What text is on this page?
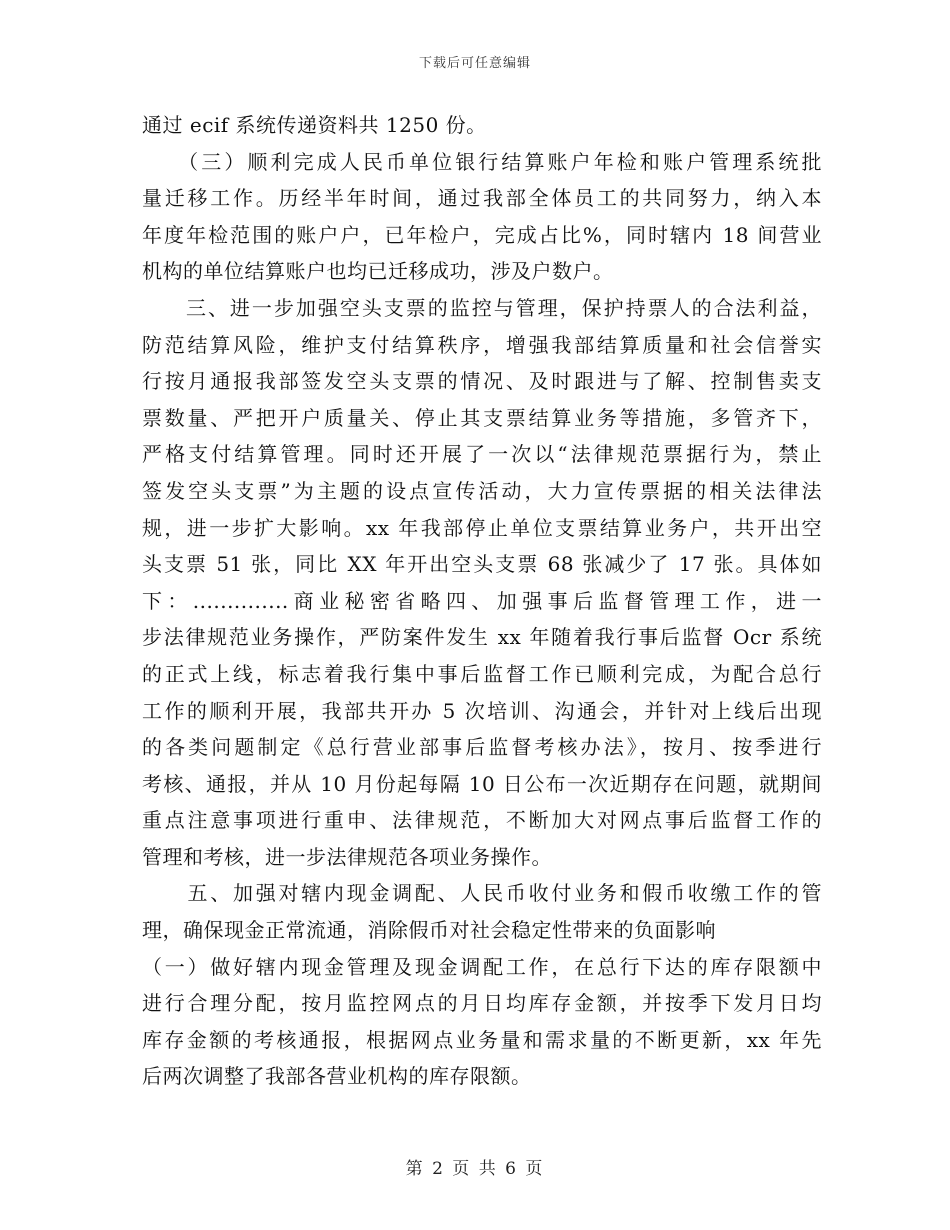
下载后可任意编辑
通过 ecif 系统传递资料共 1250 份。
　　（三）顺利完成人民币单位银行结算账户年检和账户管理系统批
量迁移工作。历经半年时间，通过我部全体员工的共同努力，纳入本
年度年检范围的账户户，已年检户，完成占比%，同时辖内 18 间营业
机构的单位结算账户也均已迁移成功，涉及户数户。
　　三、进一步加强空头支票的监控与管理，保护持票人的合法利益，
防范结算风险，维护支付结算秩序，增强我部结算质量和社会信誉实
行按月通报我部签发空头支票的情况、及时跟进与了解、控制售卖支
票数量、严把开户质量关、停止其支票结算业务等措施，多管齐下，
严格支付结算管理。同时还开展了一次以“法律规范票据行为，禁止
签发空头支票”为主题的设点宣传活动，大力宣传票据的相关法律法
规，进一步扩大影响。xx 年我部停止单位支票结算业务户，共开出空
头支票 51 张，同比 XX 年开出空头支票 68 张减少了 17 张。具体如
下：..............商业秘密省略四、加强事后监督管理工作，进一
步法律规范业务操作，严防案件发生 xx 年随着我行事后监督 Ocr 系统
的正式上线，标志着我行集中事后监督工作已顺利完成，为配合总行
工作的顺利开展，我部共开办 5 次培训、沟通会，并针对上线后出现
的各类问题制定《总行营业部事后监督考核办法》，按月、按季进行
考核、通报，并从 10 月份起每隔 10 日公布一次近期存在问题，就期间
重点注意事项进行重申、法律规范，不断加大对网点事后监督工作的
管理和考核，进一步法律规范各项业务操作。
　　五、加强对辖内现金调配、人民币收付业务和假币收缴工作的管
理，确保现金正常流通，消除假币对社会稳定性带来的负面影响
（一）做好辖内现金管理及现金调配工作，在总行下达的库存限额中
进行合理分配，按月监控网点的月日均库存金额，并按季下发月日均
库存金额的考核通报，根据网点业务量和需求量的不断更新，xx 年先
后两次调整了我部各营业机构的库存限额。
第 2 页 共 6 页
